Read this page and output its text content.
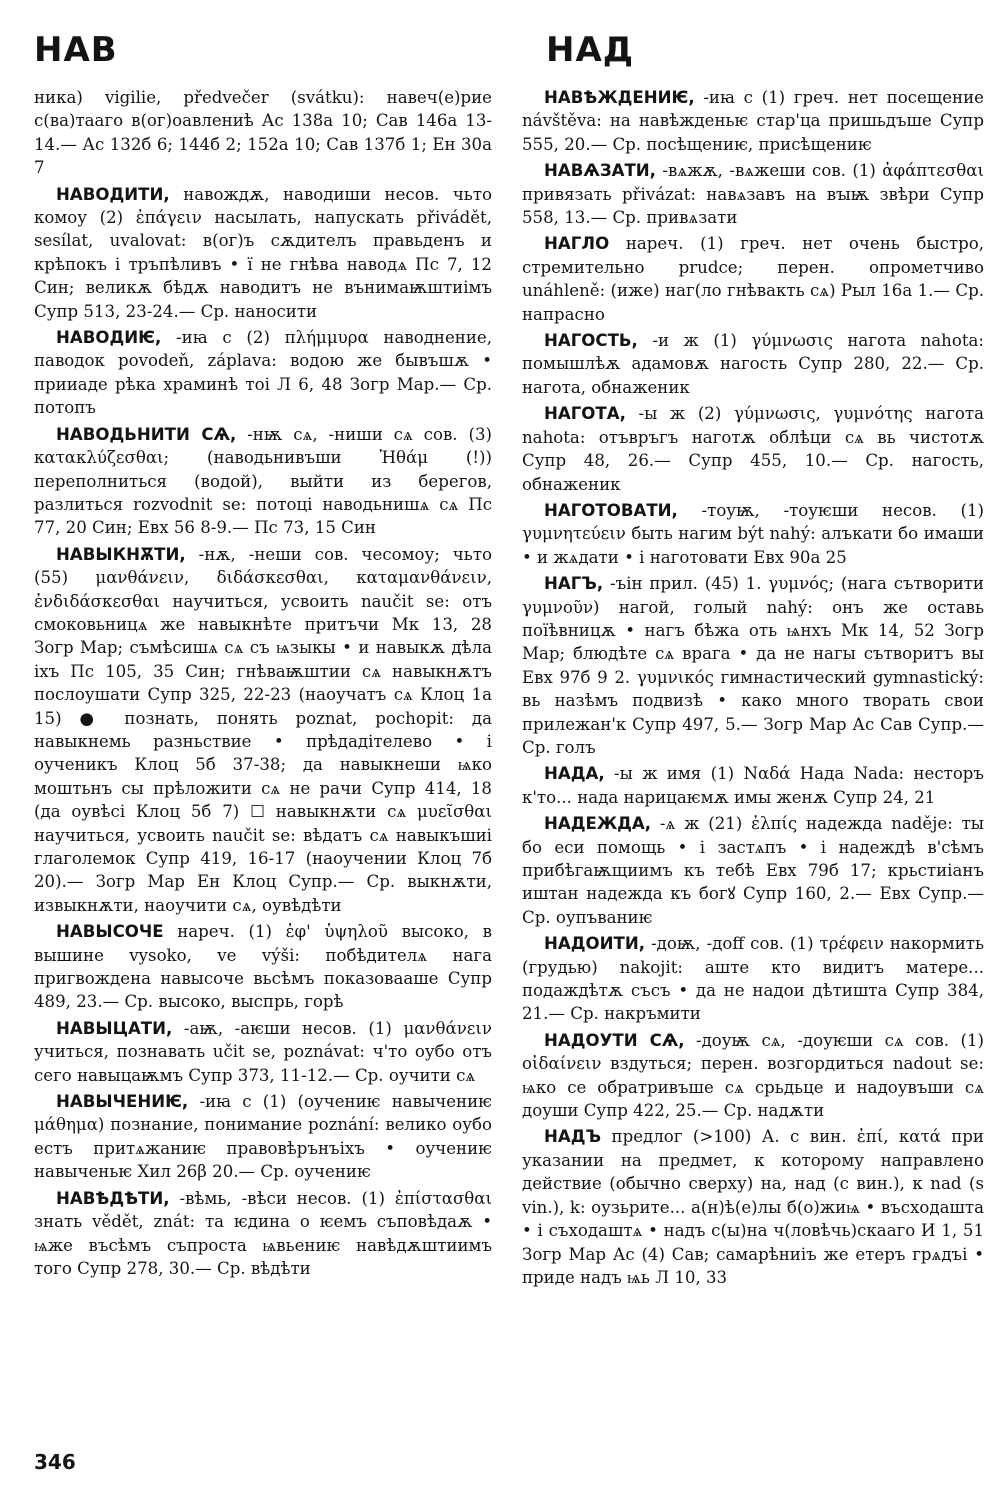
НАВ	НАД

ника) vigilie, předvečer (svátku): навеч(е)рие с(ва)таагo в(ог)оавлениѣ Ас 138а 10; Сав 146а 13-14.— Ас 132б 6; 144б 2; 152а 10; Сав 137б 1; Ен 30а 7

НАВОДИТИ, навождѫ, наводиши несов. чьто комоу (2) ἐπάγειν насылать, напускать přivádět, sesílat, uvalovat: в(ог)ъ сѫдителъ правьденъ и крѣпокъ і тръпѣливъ • ї не гнѣва наводѧ Пс 7, 12 Син; великѫ бѣдѫ наводитъ не вънимаѭштиімъ Супр 513, 23-24.— Ср. наносити

НАВОДИѤ, -иꙗ с (2) πλήμμυρα наводнение, паводок povodeň, záplava: водою же бывъшѫ • прииаде рѣка храминѣ тоі Л 6, 48 Зогр Мар.— Ср. потопъ

НАВОДЬНИТИ СѦ, -нѭ сѧ, -ниши сѧ сов. (3) κατακλύζεσθαι; (наводьнивъши Ἠθάμ (!)) переполниться (водой), выйти из берегов, разлиться rozvodnit se: потоці наводьнишѧ сѧ Пс 77, 20 Син; Евх 56 8-9.— Пс 73, 15 Син

НАВЫКНѪТИ, -нѫ, -неши сов. чесомоу; чьто (55) μανθάνειν, διδάσκεσθαι, καταμανθάνειν, ἐνδιδάσκεσθαι научиться, усвоить naučit se: отъ смоковьницѧ же навыкнѣте притъчи Мк 13, 28 Зогр Мар; съмѣсишѧ сѧ съ ѩзыкы • и навыкѫ дѣла іхъ Пс 105, 35 Син; гнѣваѭштии сѧ навыкнѫтъ послоушати Супр 325, 22-23 (наоучатъ сѧ Клоц 1а 15) ● познать, понять poznat, pochopit: да навыкнемь разньствие • прѣдадітелево • і оученикъ Клоц 5б 37-38; да навыкнеши ѩко моштьнъ сы прѣложити сѧ не рачи Супр 414, 18 (да оувѣсі Клоц 5б 7) ☐ навыкнѫти сѧ μυεῖσθαι научиться, усвоить naučit se: вѣдатъ сѧ навыкъшиі глаголемок Супр 419, 16-17 (наоучении Клоц 7б 20).— Зогр Мар Ен Клоц Супр.— Ср. выкнѫти, извыкнѫти, наоучити сѧ, оувѣдѣти

НАВЫСОЧЕ нареч. (1) ἐφ' ὑψηλοῦ высоко, в вышине vysoko, ve výši: побѣдителѧ нага пригвождена навысоче вьсѣмъ показовааше Супр 489, 23.— Ср. высоко, выспрь, горѣ

НАВЫЦАТИ, -аѭ, -аѥши несов. (1) μανθάνειν учиться, познавать učit se, poznávat: ч'то оубо отъ сего навыцаѭмъ Супр 373, 11-12.— Ср. оучити сѧ

НАВЫЧЕНИѤ, -иꙗ с (1) (оучениѥ навычениѥ μάθημα) познание, понимание poznání: велико оубо естъ притѧжаниѥ правовѣрънъіхъ • оучениѥ навыченьѥ Хил 26β 20.— Ср. оучениѥ

НАВѢДѢТИ, -вѣмь, -вѣси несов. (1) ἐπίστασθαι знать vědět, znát: та ѥдина о ѥемъ съповѣдаѫ • ѩже въсѣмъ съпроста ѩвьениѥ навѣдѫштиимъ того Супр 278, 30.— Ср. вѣдѣти

НАВѢЖДЕНИѤ, -иꙗ с (1) греч. нет посещение návštěva: на навѣжденьѥ стар'ца пришьдъше Супр 555, 20.— Ср. посѣщениѥ, присѣщениѥ

НАВѦЗАТИ, -вѧжѫ, -вѧжеши сов. (1) ἀφάπτεσθαι привязать přivázat: навѧзавъ на вꙑѭ звѣри Супр 558, 13.— Ср. привѧзати

НАГЛО нареч. (1) греч. нет очень быстро, стремительно prudce; перен. опрометчиво unáhleně: (иже) наг(ло гнѣвакть сѧ) Рыл 16а 1.— Ср. напрасно

НАГОСТЬ, -и ж (1) γύμνωσις нагота nahota: помышлѣѫ адамовѫ нагость Супр 280, 22.— Ср. нагота, обнаженик

НАГОТА, -ы ж (2) γύμνωσις, γυμνότης нагота nahota: отъвръгъ наготѫ облѣци сѧ вь чистотѫ Супр 48, 26.— Супр 455, 10.— Ср. нагость, обнаженик

НАГОТОВАТИ, -тоуѭ, -тоуѥши несов. (1) γυμνητεύειν быть нагим být nahý: алъкати бо имаши • и жѧдати • і наготовати Евх 90а 25

НАГЪ, -ъін прил. (45) 1. γυμνός; (нага сътворити γυμνοῦν) нагой, голый nahý: онъ же оставь поїѣвницѫ • нагъ бѣжа оть ѩнхъ Мк 14, 52 Зогр Мар; блюдѣте сѧ врага • да не нагы сътворитъ вы Евх 97б 9 2. γυμνικός гимнастический gymnastický: вь назѣмъ подвизѣ • како много творать свои прилежан'к Супр 497, 5.— Зогр Мар Ас Сав Супр.— Ср. голъ

НАДА, -ы ж имя (1) Ναδά Нада Nada: несторъ к'то... нада нарицаѥмѫ имы женѫ Супр 24, 21

НАДЕЖДА, -ѧ ж (21) ἐλπίς надежда naděje: ты бо еси помощь • і застѧпъ • і надеждѣ в'сѣмъ прибѣгаѭщиимъ къ тебѣ Евх 79б 17; крьстиіанъ иштан надежда къ богꙋ Супр 160, 2.— Евх Супр.— Ср. оупъваниѥ

НАДОИТИ, -доѭ, -дoff сов. (1) τρέφειν накормить (грудью) nakojit: аште кто видитъ матере... подаждѣтѫ съсъ • да не надои дѣтишта Супр 384, 21.— Ср. накръмити

НАДОУТИ СѦ, -доуѭ сѧ, -доуѥши сѧ сов. (1) οἰδαίνειν вздуться; перен. возгордиться nadout se: ѩко се обратривъше сѧ срьдьце и надоувъши сѧ доуши Супр 422, 25.— Ср. надѫти

НАДЪ предлог (>100) А. с вин. ἐπί, κατά при указании на предмет, к которому направлено действие (обычно сверху) на, над (с вин.), к nad (s vin.), k: оузьрите... а(н)ѣ(е)лы б(о)жиѩ • въсходашта • і съходаштѧ • надъ с(ы)на ч(ловѣчь)скааго И 1, 51 Зогр Мар Ас (4) Сав; самарѣниіъ же етеръ грѧдъі • приде надъ ѩь Л 10, 33

346
